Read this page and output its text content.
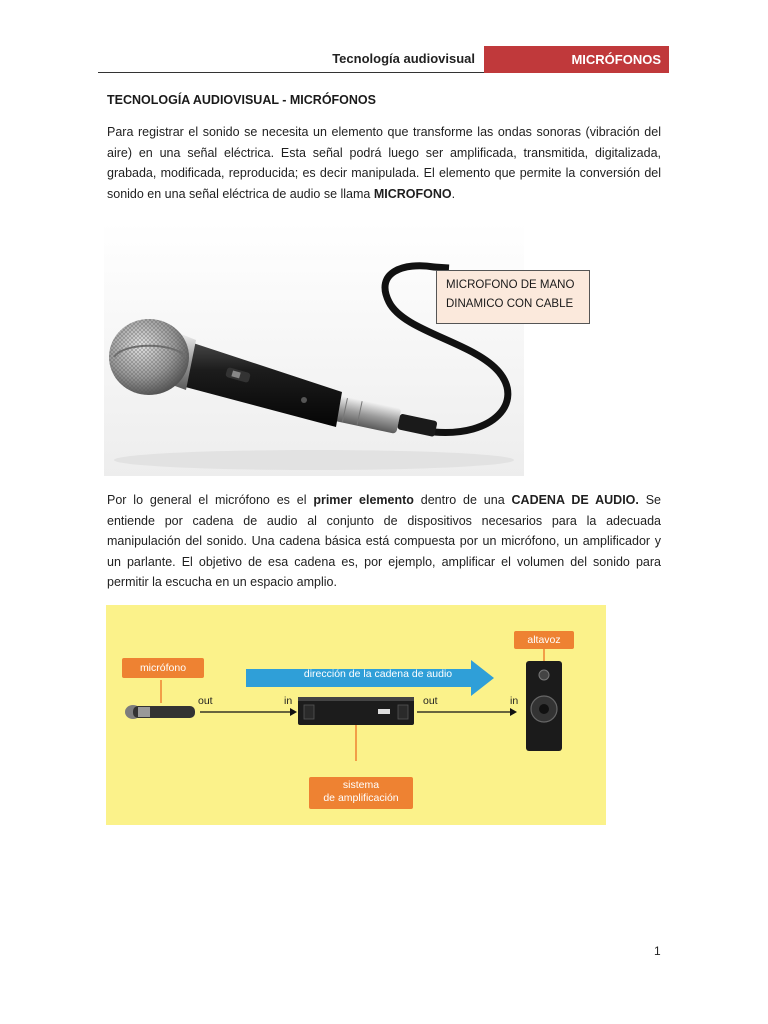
Tecnología audiovisual	MICRÓFONOS
TECNOLOGÍA AUDIOVISUAL - MICRÓFONOS
Para registrar el sonido se necesita un elemento que transforme las ondas sonoras (vibración del aire) en una señal eléctrica. Esta señal podrá luego ser amplificada, transmitida, digitalizada, grabada, modificada, reproducida; es decir manipulada. El elemento que permite la conversión del sonido en una señal eléctrica de audio se llama MICROFONO.
MICROFONO DE MANO
DINAMICO CON CABLE
Por lo general el micrófono es el primer elemento dentro de una CADENA DE AUDIO. Se entiende por cadena de audio al conjunto de dispositivos necesarios para la adecuada manipulación del sonido. Una cadena básica está compuesta por un micrófono, un amplificador y un parlante. El objetivo de esa cadena es, por ejemplo, amplificar el volumen del sonido para permitir la escucha en un espacio amplio.
micrófono
altavoz
sistema
de amplificación
dirección de la cadena de audio
out	in	out	in
1
